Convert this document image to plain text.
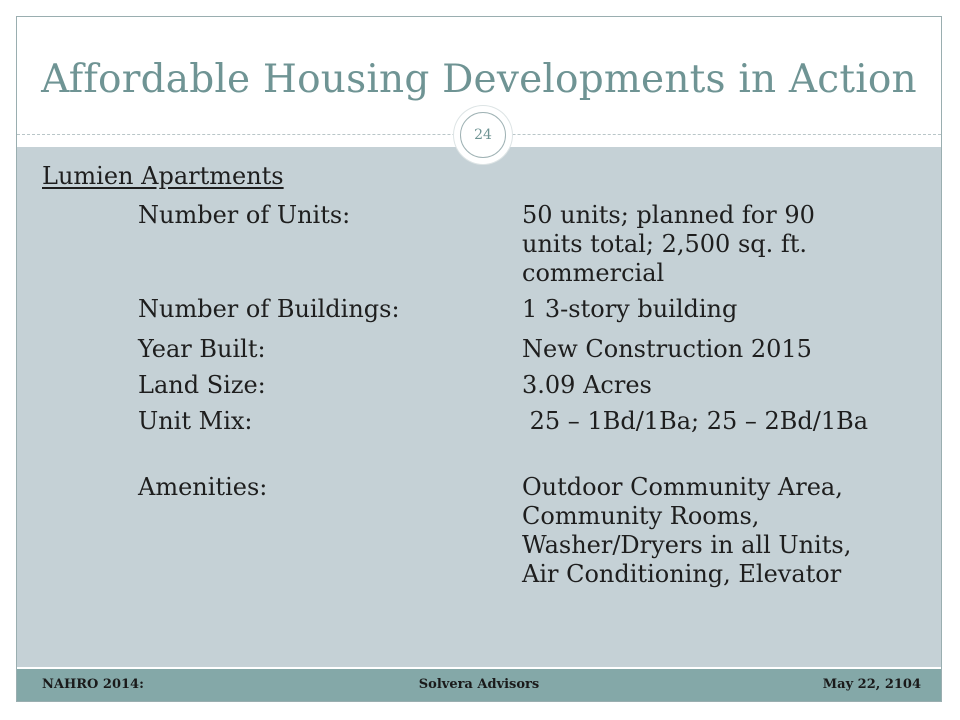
Affordable Housing Developments in Action
24
Lumien Apartments
Number of Units:	50 units; planned for 90 units total; 2,500 sq. ft. commercial
Number of Buildings:	1 3-story building
Year Built:	New Construction 2015
Land Size:	3.09 Acres
Unit Mix:	25 – 1Bd/1Ba; 25 – 2Bd/1Ba
Amenities:	Outdoor Community Area, Community Rooms, Washer/Dryers in all Units, Air Conditioning, Elevator
NAHRO 2014:	Solvera Advisors	May 22, 2104
